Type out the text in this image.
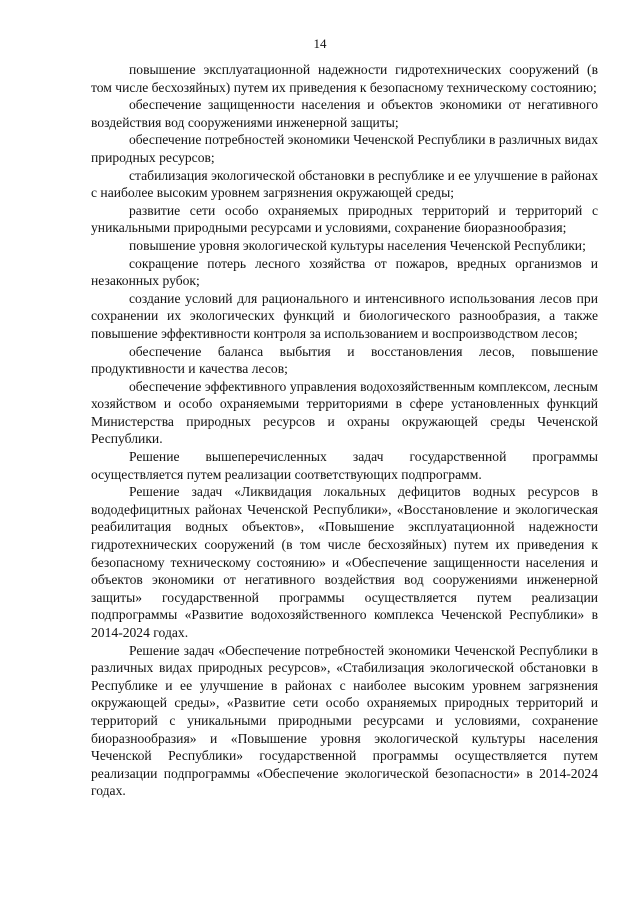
14

повышение эксплуатационной надежности гидротехнических сооружений (в том числе бесхозяйных) путем их приведения к безопасному техническому состоянию;

обеспечение защищенности населения и объектов экономики от негативного воздействия вод сооружениями инженерной защиты;

обеспечение потребностей экономики Чеченской Республики в различных видах природных ресурсов;

стабилизация экологической обстановки в республике и ее улучшение в районах с наиболее высоким уровнем загрязнения окружающей среды;

развитие сети особо охраняемых природных территорий и территорий с уникальными природными ресурсами и условиями, сохранение биоразнообразия;

повышение уровня экологической культуры населения Чеченской Республики;

сокращение потерь лесного хозяйства от пожаров, вредных организмов и незаконных рубок;

создание условий для рационального и интенсивного использования лесов при сохранении их экологических функций и биологического разнообразия, а также повышение эффективности контроля за использованием и воспроизводством лесов;

обеспечение баланса выбытия и восстановления лесов, повышение продуктивности и качества лесов;

обеспечение эффективного управления водохозяйственным комплексом, лесным хозяйством и особо охраняемыми территориями в сфере установленных функций Министерства природных ресурсов и охраны окружающей среды Чеченской Республики.

Решение вышеперечисленных задач государственной программы осуществляется путем реализации соответствующих подпрограмм.

Решение задач «Ликвидация локальных дефицитов водных ресурсов в вододефицитных районах Чеченской Республики», «Восстановление и экологическая реабилитация водных объектов», «Повышение эксплуатационной надежности гидротехнических сооружений (в том числе бесхозяйных) путем их приведения к безопасному техническому состоянию» и «Обеспечение защищенности населения и объектов экономики от негативного воздействия вод сооружениями инженерной защиты» государственной программы осуществляется путем реализации подпрограммы «Развитие водохозяйственного комплекса Чеченской Республики» в 2014-2024 годах.

Решение задач «Обеспечение потребностей экономики Чеченской Республики в различных видах природных ресурсов», «Стабилизация экологической обстановки в Республике и ее улучшение в районах с наиболее высоким уровнем загрязнения окружающей среды», «Развитие сети особо охраняемых природных территорий и территорий с уникальными природными ресурсами и условиями, сохранение биоразнообразия» и «Повышение уровня экологической культуры населения Чеченской Республики» государственной программы осуществляется путем реализации подпрограммы «Обеспечение экологической безопасности» в 2014-2024 годах.
